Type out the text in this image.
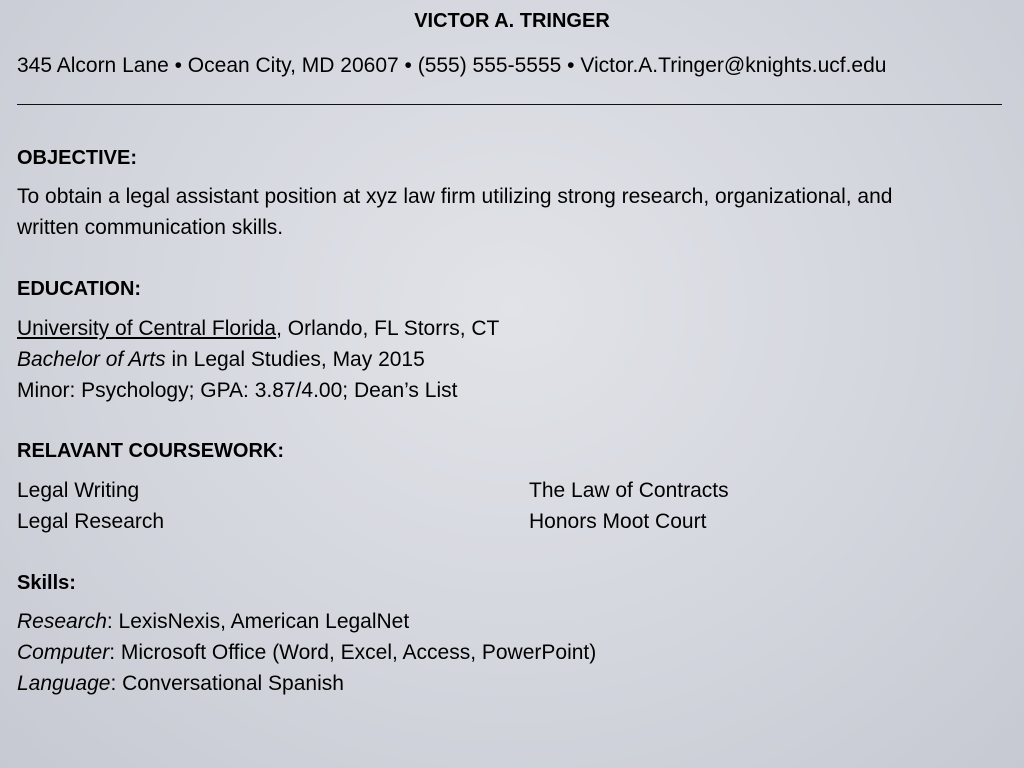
VICTOR A. TRINGER
345 Alcorn Lane • Ocean City, MD 20607 • (555) 555-5555 • Victor.A.Tringer@knights.ucf.edu
OBJECTIVE:
To obtain a legal assistant position at xyz law firm utilizing strong research, organizational, and
written communication skills.
EDUCATION:
University of Central Florida, Orlando, FL Storrs, CT
Bachelor of Arts in Legal Studies, May 2015
Minor: Psychology; GPA: 3.87/4.00; Dean’s List
RELAVANT COURSEWORK:
Legal Writing
Legal Research
The Law of Contracts
Honors Moot Court
Skills:
Research: LexisNexis, American LegalNet
Computer: Microsoft Office (Word, Excel, Access, PowerPoint)
Language: Conversational Spanish
